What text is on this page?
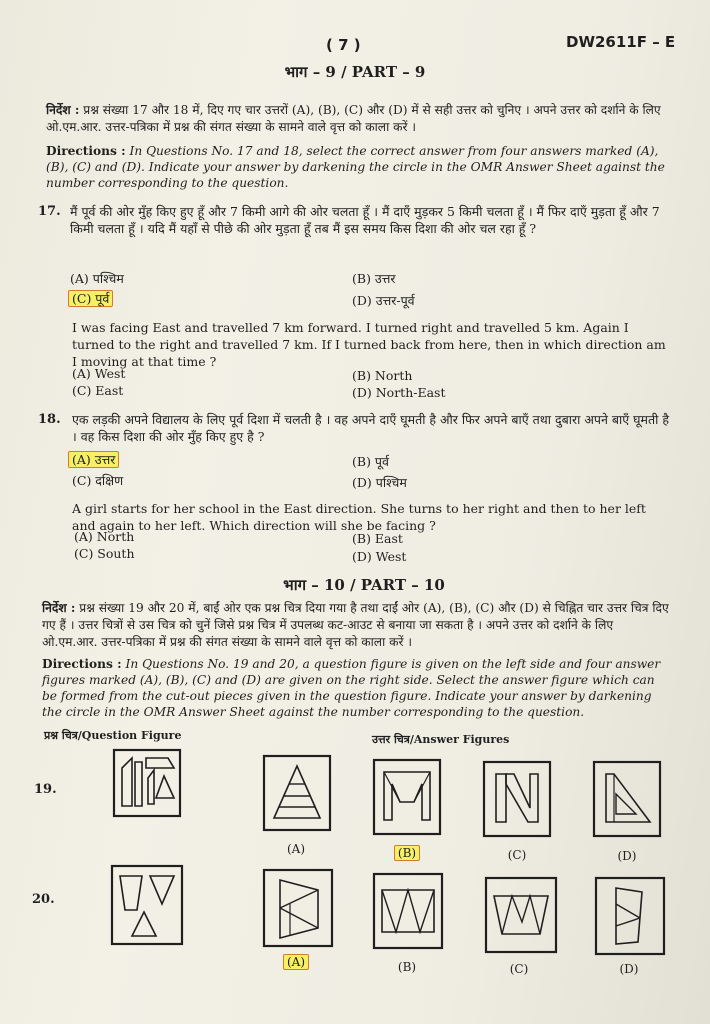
( 7 )	DW2611F – E
भाग – 9 / PART – 9
निर्देश : प्रश्न संख्या 17 और 18 में, दिए गए चार उत्तरों (A), (B), (C) और (D) में से सही उत्तर को चुनिए । अपने उत्तर को दर्शाने के लिए ओ.एम.आर. उत्तर-पत्रिका में प्रश्न की संगत संख्या के सामने वाले वृत्त को काला करें ।
Directions : In Questions No. 17 and 18, select the correct answer from four answers marked (A), (B), (C) and (D). Indicate your answer by darkening the circle in the OMR Answer Sheet against the number corresponding to the question.
17. मैं पूर्व की ओर मुँह किए हुए हूँ और 7 किमी आगे की ओर चलता हूँ । मैं दाएँ मुड़कर 5 किमी चलता हूँ । मैं फिर दाएँ मुड़ता हूँ और 7 किमी चलता हूँ । यदि मैं यहाँ से पीछे की ओर मुड़ता हूँ तब मैं इस समय किस दिशा की ओर चल रहा हूँ ?
(A) पश्चिम	(B) उत्तर
(C) पूर्व	(D) उत्तर-पूर्व
I was facing East and travelled 7 km forward. I turned right and travelled 5 km. Again I turned to the right and travelled 7 km. If I turned back from here, then in which direction am I moving at that time ?
(A) West	(B) North
(C) East	(D) North-East
18. एक लड़की अपने विद्यालय के लिए पूर्व दिशा में चलती है । वह अपने दाएँ घूमती है और फिर अपने बाएँ तथा दुबारा अपने बाएँ घूमती है । वह किस दिशा की ओर मुँह किए हुए है ?
(A) उत्तर	(B) पूर्व
(C) दक्षिण	(D) पश्चिम
A girl starts for her school in the East direction. She turns to her right and then to her left and again to her left. Which direction will she be facing ?
(A) North	(B) East
(C) South	(D) West
भाग – 10 / PART – 10
निर्देश : प्रश्न संख्या 19 और 20 में, बाईं ओर एक प्रश्न चित्र दिया गया है तथा दाईं ओर (A), (B), (C) और (D) से चिह्नित चार उत्तर चित्र दिए गए हैं । उत्तर चित्रों से उस चित्र को चुनें जिसे प्रश्न चित्र में उपलब्ध कट-आउट से बनाया जा सकता है । अपने उत्तर को दर्शाने के लिए ओ.एम.आर. उत्तर-पत्रिका में प्रश्न की संगत संख्या के सामने वाले वृत्त को काला करें ।
Directions : In Questions No. 19 and 20, a question figure is given on the left side and four answer figures marked (A), (B), (C) and (D) are given on the right side. Select the answer figure which can be formed from the cut-out pieces given in the question figure. Indicate your answer by darkening the circle in the OMR Answer Sheet against the number corresponding to the question.
प्रश्न चित्र/Question Figure	उत्तर चित्र/Answer Figures
19.
(A)	(B)	(C)	(D)
20.
(A)	(B)	(C)	(D)
